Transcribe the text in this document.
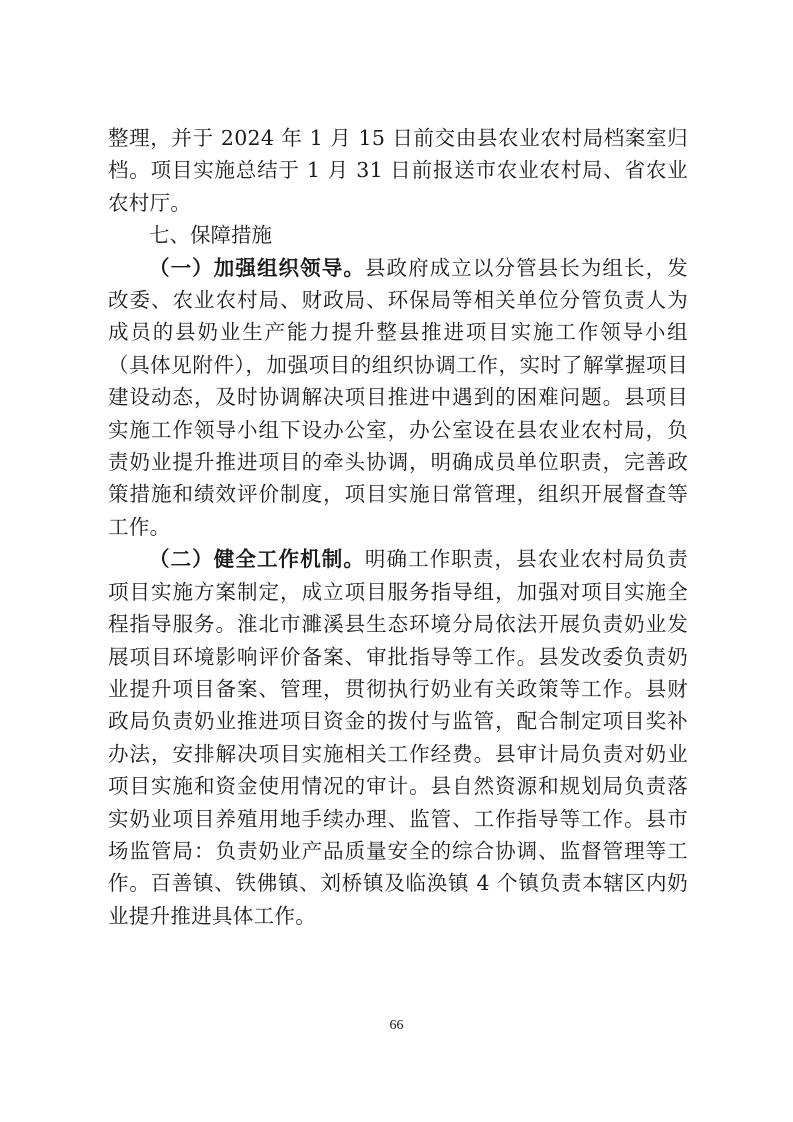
整理，并于 2024 年 1 月 15 日前交由县农业农村局档案室归档。项目实施总结于 1 月 31 日前报送市农业农村局、省农业农村厅。

七、保障措施

（一）加强组织领导。县政府成立以分管县长为组长，发改委、农业农村局、财政局、环保局等相关单位分管负责人为成员的县奶业生产能力提升整县推进项目实施工作领导小组（具体见附件），加强项目的组织协调工作，实时了解掌握项目建设动态，及时协调解决项目推进中遇到的困难问题。县项目实施工作领导小组下设办公室，办公室设在县农业农村局，负责奶业提升推进项目的牵头协调，明确成员单位职责，完善政策措施和绩效评价制度，项目实施日常管理，组织开展督查等工作。

（二）健全工作机制。明确工作职责，县农业农村局负责项目实施方案制定，成立项目服务指导组，加强对项目实施全程指导服务。淮北市濉溪县生态环境分局依法开展负责奶业发展项目环境影响评价备案、审批指导等工作。县发改委负责奶业提升项目备案、管理，贯彻执行奶业有关政策等工作。县财政局负责奶业推进项目资金的拨付与监管，配合制定项目奖补办法，安排解决项目实施相关工作经费。县审计局负责对奶业项目实施和资金使用情况的审计。县自然资源和规划局负责落实奶业项目养殖用地手续办理、监管、工作指导等工作。县市场监管局：负责奶业产品质量安全的综合协调、监督管理等工作。百善镇、铁佛镇、刘桥镇及临涣镇 4 个镇负责本辖区内奶业提升推进具体工作。

66
